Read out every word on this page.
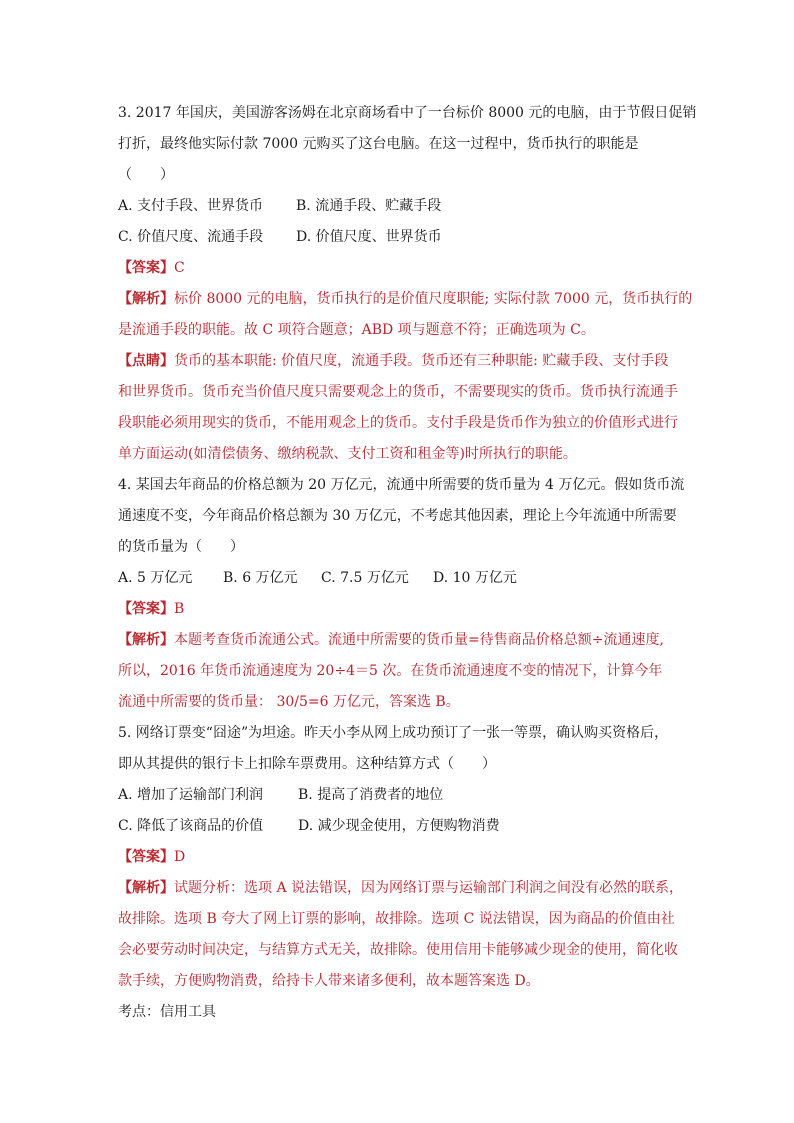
3. 2017 年国庆，美国游客汤姆在北京商场看中了一台标价 8000 元的电脑，由于节假日促销
打折，最终他实际付款 7000 元购买了这台电脑。在这一过程中，货币执行的职能是
（　　）
A. 支付手段、世界货币 B. 流通手段、贮藏手段
C. 价值尺度、流通手段 D. 价值尺度、世界货币
【答案】C
【解析】标价 8000 元的电脑，货币执行的是价值尺度职能; 实际付款 7000 元，货币执行的
是流通手段的职能。故 C 项符合题意；ABD 项与题意不符；正确选项为 C。
【点睛】货币的基本职能: 价值尺度，流通手段。货币还有三种职能: 贮藏手段、支付手段
和世界货币。货币充当价值尺度只需要观念上的货币，不需要现实的货币。货币执行流通手
段职能必须用现实的货币，不能用观念上的货币。支付手段是货币作为独立的价值形式进行
单方面运动(如清偿债务、缴纳税款、支付工资和租金等)时所执行的职能。
4. 某国去年商品的价格总额为 20 万亿元，流通中所需要的货币量为 4 万亿元。假如货币流
通速度不变，今年商品价格总额为 30 万亿元，不考虑其他因素，理论上今年流通中所需要
的货币量为（　　）
A. 5 万亿元 B. 6 万亿元 C. 7.5 万亿元 D. 10 万亿元
【答案】B
【解析】本题考查货币流通公式。流通中所需要的货币量=待售商品价格总额÷流通速度,
所以，2016 年货币流通速度为 20÷4＝5 次。在货币流通速度不变的情况下，计算今年
流通中所需要的货币量： 30/5=6 万亿元，答案选 B。
5. 网络订票变“囧途”为坦途。昨天小李从网上成功预订了一张一等票，确认购买资格后，
即从其提供的银行卡上扣除车票费用。这种结算方式（　　）
A. 增加了运输部门利润 B. 提高了消费者的地位
C. 降低了该商品的价值 D. 减少现金使用，方便购物消费
【答案】D
【解析】试题分析：选项 A 说法错误，因为网络订票与运输部门利润之间没有必然的联系，
故排除。选项 B 夸大了网上订票的影响，故排除。选项 C 说法错误，因为商品的价值由社
会必要劳动时间决定，与结算方式无关，故排除。使用信用卡能够减少现金的使用，简化收
款手续，方便购物消费，给持卡人带来诸多便利，故本题答案选 D。
考点：信用工具
